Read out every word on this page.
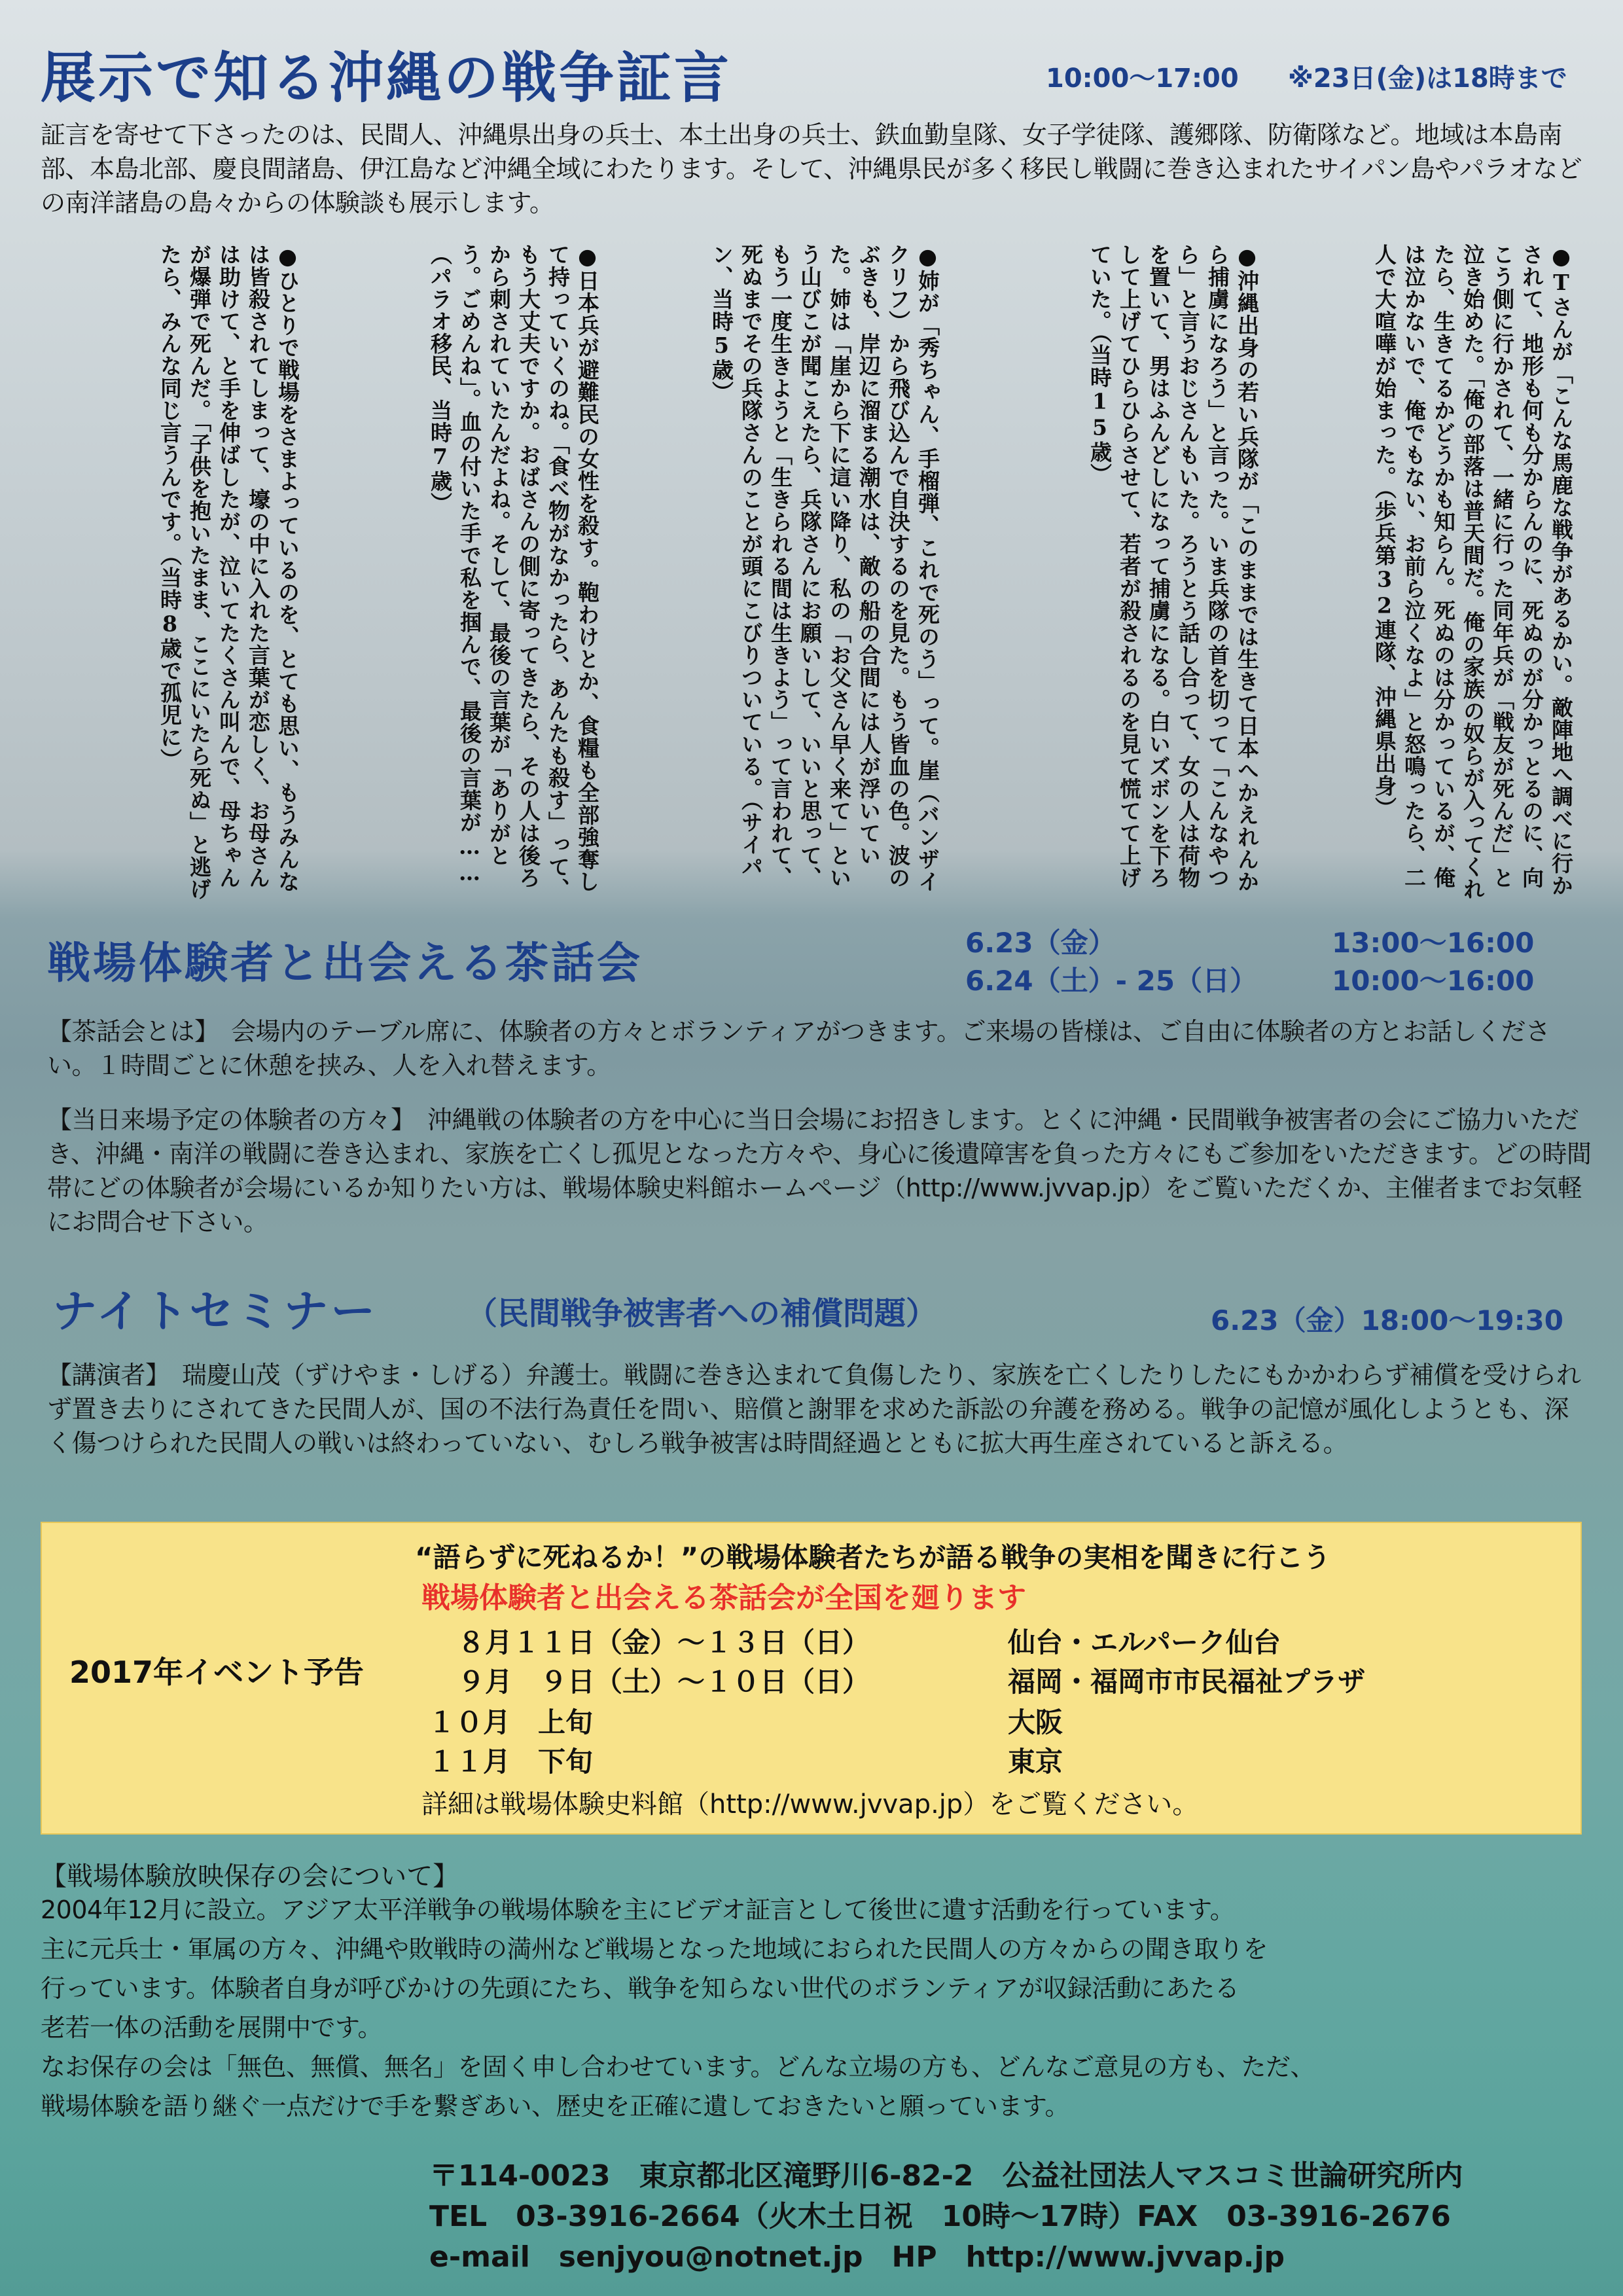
展示で知る沖縄の戦争証言	10:00～17:00 ※23日(金)は18時まで
証言を寄せて下さったのは、民間人、沖縄県出身の兵士、本土出身の兵士、鉄血勤皇隊、女子学徒隊、護郷隊、防衛隊など。地域は本島南部、本島北部、慶良間諸島、伊江島など沖縄全域にわたります。そして、沖縄県民が多く移民し戦闘に巻き込まれたサイパン島やパラオなどの南洋諸島の島々からの体験談も展示します。
●Tさんが「こんな馬鹿な戦争があるかい。敵陣地へ調べに行かされて、地形も何も分からんのに、死ぬのが分かっとるのに、向こう側に行かされて、一緒に行った同年兵が「戦友が死んだ」と泣き始めた。「俺の部落は普天間だ。俺の家族の奴らが入ってくれたら、生きてるかどうかも知らん。死ぬのは分かっているが、俺は泣かないで、俺でもない、お前ら泣くなよ」と怒鳴ったら、二人で大喧嘩が始まった。（歩兵第32連隊、沖縄県出身）
●沖縄出身の若い兵隊が「このままでは生きて日本へかえれんから捕虜になろう」と言った。いま兵隊の首を切って「こんなやつら」と言うおじさんもいた。ろうとう話し合って、女の人は荷物を置いて、男はふんどしになって捕虜になる。白いズボンを下ろして上げてひらひらさせて、若者が殺されるのを見て慌てて上げていた。（当時15歳）
●姉が「秀ちゃん、手榴弾、これで死のう」って。崖（バンザイクリフ）から飛び込んで自決するのを見た。もう皆血の色。波のぶきも、岸辺に溜まる潮水は、敵の船の合間には人が浮いていた。姉は「崖から下に這い降り、私の「お父さん早く来て」という山びこが聞こえたら、兵隊さんにお願いして、いいと思って、もう一度生きようと「生きられる間は生きよう」って言われて、死ぬまでその兵隊さんのことが頭にこびりついている。（サイパン、当時5歳）
●日本兵が避難民の女性を殺す。鞄わけとか、食糧も全部強奪して持っていくのね。「食べ物がなかったら、あんたも殺す」って、もう大丈夫ですか。おばさんの側に寄ってきたら、その人は後ろから刺されていたんだよね。そして、最後の言葉が「ありがとう。ごめんね」。血の付いた手で私を掴んで、最後の言葉が……（パラオ移民、当時7歳）
●ひとりで戦場をさまよっているのを、とても思い、もうみんなは皆殺されてしまって、壕の中に入れた言葉が恋しく、お母さんは助けて、と手を伸ばしたが、泣いてたくさん叫んで、母ちゃんが爆弾で死んだ。「子供を抱いたまま、ここにいたら死ぬ」と逃げたら、みんな同じ言うんです。（当時8歳で孤児に）
戦場体験者と出会える茶話会	6.23（金）	13:00～16:00
6.24（土）- 25（日）	10:00～16:00
【茶話会とは】　会場内のテーブル席に、体験者の方々とボランティアがつきます。ご来場の皆様は、ご自由に体験者の方とお話しください。１時間ごとに休憩を挟み、人を入れ替えます。
【当日来場予定の体験者の方々】　沖縄戦の体験者の方を中心に当日会場にお招きします。とくに沖縄・民間戦争被害者の会にご協力いただき、沖縄・南洋の戦闘に巻き込まれ、家族を亡くし孤児となった方々や、身心に後遺障害を負った方々にもご参加をいただきます。どの時間帯にどの体験者が会場にいるか知りたい方は、戦場体験史料館ホームページ（http://www.jvvap.jp）をご覧いただくか、主催者までお気軽にお問合せ下さい。
ナイトセミナー	（民間戦争被害者への補償問題）	6.23（金）18:00～19:30
【講演者】　瑞慶山茂（ずけやま・しげる）弁護士。戦闘に巻き込まれて負傷したり、家族を亡くしたりしたにもかかわらず補償を受けられず置き去りにされてきた民間人が、国の不法行為責任を問い、賠償と謝罪を求めた訴訟の弁護を務める。戦争の記憶が風化しようとも、深く傷つけられた民間人の戦いは終わっていない、むしろ戦争被害は時間経過とともに拡大再生産されていると訴える。
“語らずに死ねるか！”の戦場体験者たちが語る戦争の実相を聞きに行こう
戦場体験者と出会える茶話会が全国を廻ります
2017年イベント予告
８月１１日（金）～１３日（日）	仙台・エルパーク仙台
９月　９日（土）～１０日（日）	福岡・福岡市市民福祉プラザ
１０月　上旬	大阪
１１月　下旬	東京
詳細は戦場体験史料館（http://www.jvvap.jp）をご覧ください。
【戦場体験放映保存の会について】
2004年12月に設立。アジア太平洋戦争の戦場体験を主にビデオ証言として後世に遺す活動を行っています。
主に元兵士・軍属の方々、沖縄や敗戦時の満州など戦場となった地域におられた民間人の方々からの聞き取りを
行っています。体験者自身が呼びかけの先頭にたち、戦争を知らない世代のボランティアが収録活動にあたる
老若一体の活動を展開中です。
なお保存の会は「無色、無償、無名」を固く申し合わせています。どんな立場の方も、どんなご意見の方も、ただ、
戦場体験を語り継ぐ一点だけで手を繋ぎあい、歴史を正確に遺しておきたいと願っています。
〒114-0023　東京都北区滝野川6-82-2　公益社団法人マスコミ世論研究所内
TEL　03-3916-2664（火木土日祝　10時～17時）FAX　03-3916-2676
e-mail　senjyou@notnet.jp　HP　http://www.jvvap.jp
